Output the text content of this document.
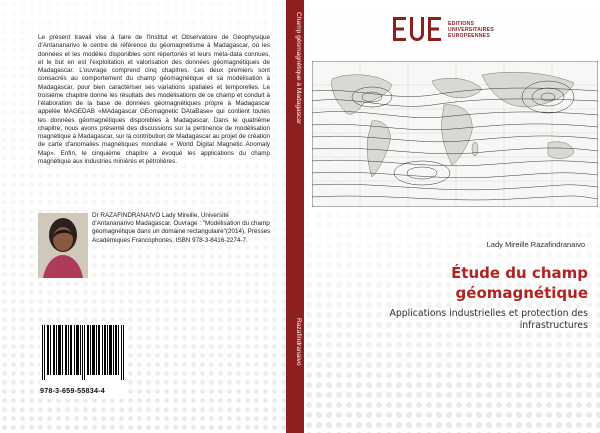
Le présent travail vise à faire de l'Institut et Observatoire de Géophysique d'Antananarivo le centre de référence du géomagnétisme à Madagascar, où les données et les modèles disponibles sont répertoriés et leurs méta-data connues, et le but en est l'exploitation et valorisation des données géomagnétiques de Madagascar. L'ouvrage comprend cinq chapitres. Les deux premiers sont consacrés au comportement du champ géomagnétique et sa modélisation à Madagascar, pour bien caractériser ses variations spatiales et temporelles. Le troisième chapitre donne les résultats des modélisations de ce champ et conduit à l'élaboration de la base de données géomagnétiques propre à Madagascar appelée MAGEDAB «MAdagascar GEomagnetic DAtaBase» qui contient toutes les données géomagnétiques disponibles à Madagascar. Dans le quatrième chapitre, nous avons présenté des discussions sur la pertinence de modélisation magnétique à Madagascar, sur la contribution de Madagascar au projet de création de carte d'anomalies magnétiques mondiale « World Digital Magnetic Anomaly Map». Enfin, le cinquième chapitre a évoqué les applications du champ magnétique aux industries minières et pétrolières.
Dr RAZAFINDRANAIVO Lady Mireille, Université d'Antananarivo Madagascar. Ouvrage : "Modélisation du champ géomagnétique dans un domaine rectangulaire"(2014), Presses Académiques Francophones, ISBN 978-3-8416-2274-7.
978-3-659-55834-4
Champ géomagnétique à Madagascar
Razafindranaivo
EDITIONS
UNIVERSITAIRES
EUROPEENNES
Lady Mireille Razafindranaivo
Étude du champ géomagnétique
Applications industrielles et protection des infrastructures
